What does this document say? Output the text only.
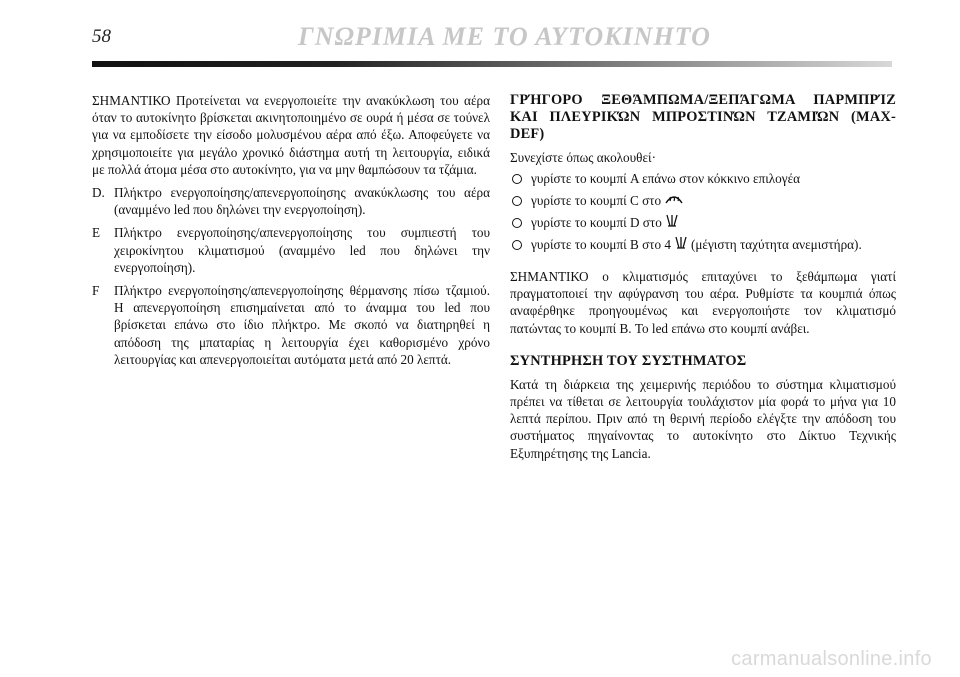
58	ΓΝΩΡΙΜΙΑ ΜΕ ΤΟ ΑΥΤΟΚΙΝΗΤΟ

ΣΗΜΑΝΤΙΚΟ Προτείνεται να ενεργοποιείτε την ανακύκλωση του αέρα όταν το αυτοκίνητο βρίσκεται ακινητοποιημένο σε ουρά ή μέσα σε τούνελ για να εμποδίσετε την είσοδο μολυσμένου αέρα από έξω. Αποφεύγετε να χρησιμοποιείτε για μεγάλο χρονικό διάστημα αυτή τη λειτουργία, ειδικά με πολλά άτομα μέσα στο αυτοκίνητο, για να μην θαμπώσουν τα τζάμια.

D. Πλήκτρο ενεργοποίησης/απενεργοποίησης ανακύκλωσης του αέρα (αναμμένο led που δηλώνει την ενεργοποίηση).
E	Πλήκτρο ενεργοποίησης/απενεργοποίησης του συμπιεστή του χειροκίνητου κλιματισμού (αναμμένο led που δηλώνει την ενεργοποίηση).
F	Πλήκτρο ενεργοποίησης/απενεργοποίησης θέρμανσης πίσω τζαμιού. Η απενεργοποίηση επισημαίνεται από το άναμμα του led που βρίσκεται επάνω στο ίδιο πλήκτρο. Με σκοπό να διατηρηθεί η απόδοση της μπαταρίας η λειτουργία έχει καθορισμένο χρόνο λειτουργίας και απενεργοποιείται αυτόματα μετά από 20 λεπτά.
ΓΡΉΓΟΡΟ ΞΕΘΆΜΠΩΜΑ/ΞΕΠΆΓΩΜΑ ΠΑΡΜΠΡΊΖ ΚΑΙ ΠΛΕΥΡΙΚΏΝ ΜΠΡΟΣΤΙΝΏΝ ΤΖΑΜΙΏΝ (MAX-DEF)

Συνεχίστε όπως ακολουθεί·

γυρίστε το κουμπί A επάνω στον κόκκινο επιλογέα
γυρίστε το κουμπί C στο
γυρίστε το κουμπί D στο
γυρίστε το κουμπί B στο 4 (μέγιστη ταχύτητα ανεμιστήρα).

ΣΗΜΑΝΤΙΚΟ ο κλιματισμός επιταχύνει το ξεθάμπωμα γιατί πραγματοποιεί την αφύγρανση του αέρα. Ρυθμίστε τα κουμπιά όπως αναφέρθηκε προηγουμένως και ενεργοποιήστε τον κλιματισμό πατώντας το κουμπί B. Το led επάνω στο κουμπί ανάβει.

ΣΥΝΤΗΡΗΣΗ ΤΟΥ ΣΥΣΤΗΜΑΤΟΣ

Κατά τη διάρκεια της χειμερινής περιόδου το σύστημα κλιματισμού πρέπει να τίθεται σε λειτουργία τουλάχιστον μία φορά το μήνα για 10 λεπτά περίπου. Πριν από τη θερινή περίοδο ελέγξτε την απόδοση του συστήματος πηγαίνοντας το αυτοκίνητο στο Δίκτυο Τεχνικής Εξυπηρέτησης της Lancia.

carmanualsonline.info
